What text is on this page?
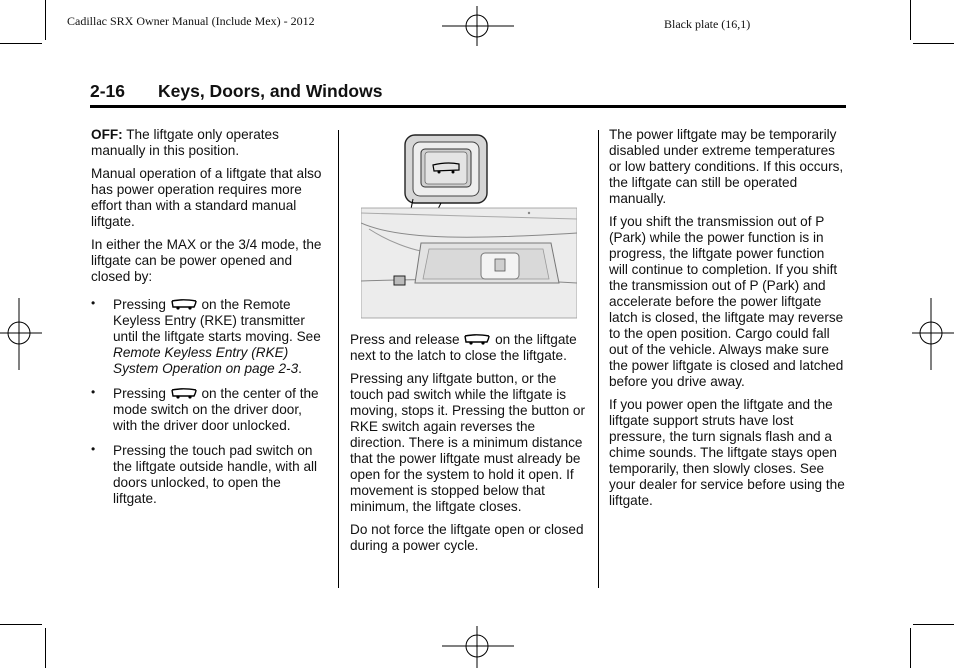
Cadillac SRX Owner Manual (Include Mex) - 2012	Black plate (16,1)
2-16 Keys, Doors, and Windows

OFF: The liftgate only operates manually in this position.

Manual operation of a liftgate that also has power operation requires more effort than with a standard manual liftgate.

In either the MAX or the 3/4 mode, the liftgate can be power opened and closed by:

• Pressing
on the Remote Keyless Entry (RKE) transmitter until the liftgate starts moving. See Remote Keyless Entry (RKE) System Operation on page 2-3.
• Pressing
on the center of the mode switch on the driver door, with the driver door unlocked.
• Pressing the touch pad switch on the liftgate outside handle, with all doors unlocked, to open the liftgate.

Press and release
on the liftgate next to the latch to close the liftgate.

Pressing any liftgate button, or the touch pad switch while the liftgate is moving, stops it. Pressing the button or RKE switch again reverses the direction. There is a minimum distance that the power liftgate must already be open for the system to hold it open. If movement is stopped below that minimum, the liftgate closes.

Do not force the liftgate open or closed during a power cycle.

The power liftgate may be temporarily disabled under extreme temperatures or low battery conditions. If this occurs, the liftgate can still be operated manually.

If you shift the transmission out of P (Park) while the power function is in progress, the liftgate power function will continue to completion. If you shift the transmission out of P (Park) and accelerate before the power liftgate latch is closed, the liftgate may reverse to the open position. Cargo could fall out of the vehicle. Always make sure the power liftgate is closed and latched before you drive away.

If you power open the liftgate and the liftgate support struts have lost pressure, the turn signals flash and a chime sounds. The liftgate stays open temporarily, then slowly closes. See your dealer for service before using the liftgate.
